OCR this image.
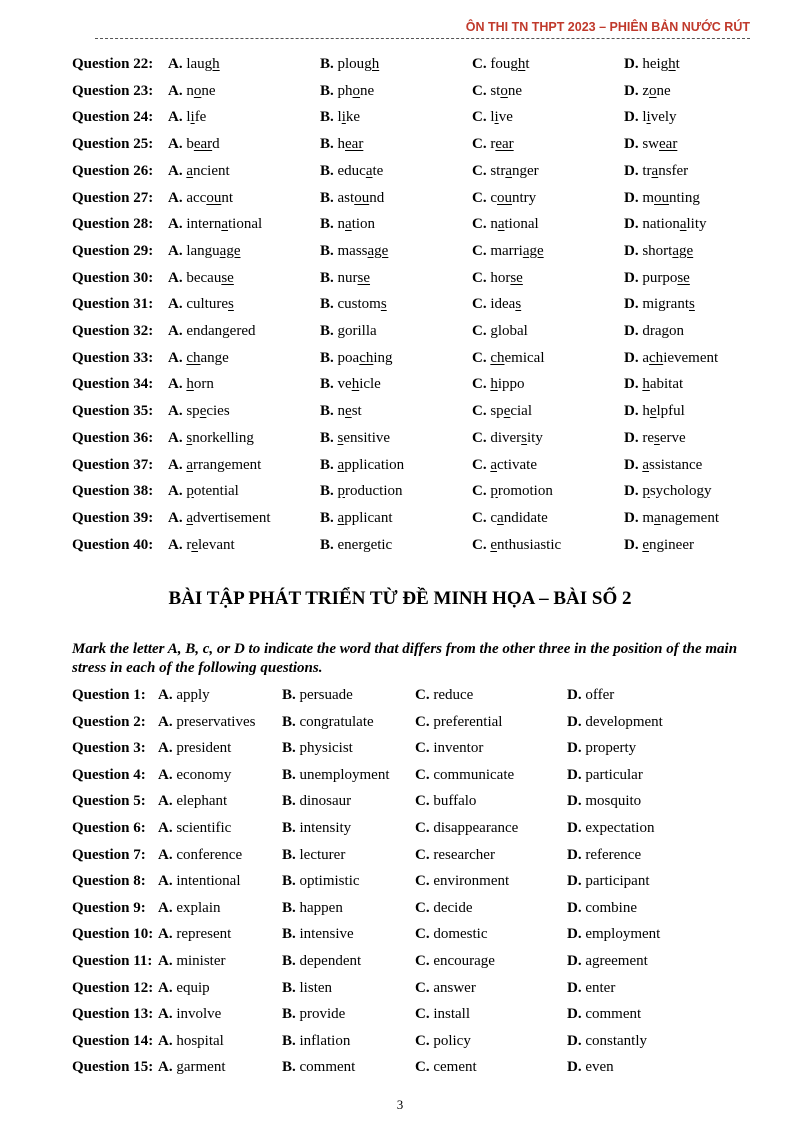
ÔN THI TN THPT 2023 – PHIÊN BẢN NƯỚC RÚT
Question 22: A. laugh	B. plough	C. fought	D. height
Question 23: A. none	B. phone	C. stone	D. zone
Question 24: A. life	B. like	C. live	D. lively
Question 25: A. beard	B. hear	C. rear	D. swear
Question 26: A. ancient	B. educate	C. stranger	D. transfer
Question 27: A. account	B. astound	C. country	D. mounting
Question 28: A. international	B. nation	C. national	D. nationality
Question 29: A. language	B. massage	C. marriage	D. shortage
Question 30: A. because	B. nurse	C. horse	D. purpose
Question 31: A. cultures	B. customs	C. ideas	D. migrants
Question 32: A. endangered	B. gorilla	C. global	D. dragon
Question 33: A. change	B. poaching	C. chemical	D. achievement
Question 34: A. horn	B. vehicle	C. hippo	D. habitat
Question 35: A. species	B. nest	C. special	D. helpful
Question 36: A. snorkelling	B. sensitive	C. diversity	D. reserve
Question 37: A. arrangement	B. application	C. activate	D. assistance
Question 38: A. potential	B. production	C. promotion	D. psychology
Question 39: A. advertisement	B. applicant	C. candidate	D. management
Question 40: A. relevant	B. energetic	C. enthusiastic	D. engineer
BÀI TẬP PHÁT TRIỂN TỪ ĐỀ MINH HỌA – BÀI SỐ 2
Mark the letter A, B, c, or D to indicate the word that differs from the other three in the position of the main stress in each of the following questions.
Question 1: A. apply	B. persuade	C. reduce	D. offer
Question 2: A. preservatives B. congratulate	C. preferential	D. development
Question 3: A. president	B. physicist	C. inventor	D. property
Question 4: A. economy	B. unemployment C. communicate	D. particular
Question 5: A. elephant	B. dinosaur	C. buffalo	D. mosquito
Question 6: A. scientific	B. intensity	C. disappearance	D. expectation
Question 7: A. conference	B. lecturer	C. researcher	D. reference
Question 8: A. intentional	B. optimistic	C. environment	D. participant
Question 9: A. explain	B. happen	C. decide	D. combine
Question 10: A. represent	B. intensive	C. domestic	D. employment
Question 11: A. minister	B. dependent	C. encourage	D. agreement
Question 12: A. equip	B. listen	C. answer	D. enter
Question 13: A. involve	B. provide	C. install	D. comment
Question 14: A. hospital	B. inflation	C. policy	D. constantly
Question 15: A. garment	B. comment	C. cement	D. even
3
